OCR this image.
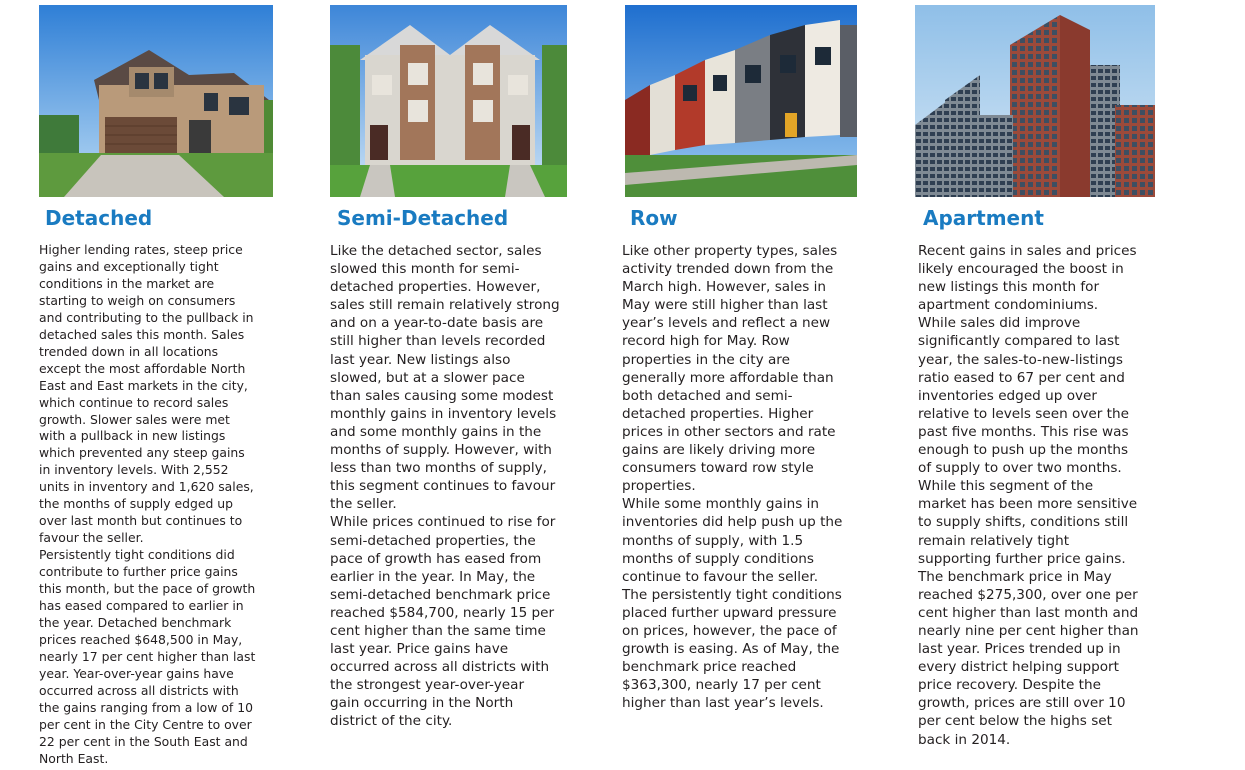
Detached
Higher lending rates, steep price
gains and exceptionally tight
conditions in the market are
starting to weigh on consumers
and contributing to the pullback in
detached sales this month. Sales
trended down in all locations
except the most affordable North
East and East markets in the city,
which continue to record sales
growth. Slower sales were met
with a pullback in new listings
which prevented any steep gains
in inventory levels. With 2,552
units in inventory and 1,620 sales,
the months of supply edged up
over last month but continues to
favour the seller.
Persistently tight conditions did
contribute to further price gains
this month, but the pace of growth
has eased compared to earlier in
the year. Detached benchmark
prices reached $648,500 in May,
nearly 17 per cent higher than last
year. Year-over-year gains have
occurred across all districts with
the gains ranging from a low of 10
per cent in the City Centre to over
22 per cent in the South East and
North East.
Semi-Detached
Like the detached sector, sales
slowed this month for semi-
detached properties. However,
sales still remain relatively strong
and on a year-to-date basis are
still higher than levels recorded
last year. New listings also
slowed, but at a slower pace
than sales causing some modest
monthly gains in inventory levels
and some monthly gains in the
months of supply. However, with
less than two months of supply,
this segment continues to favour
the seller.
While prices continued to rise for
semi-detached properties, the
pace of growth has eased from
earlier in the year. In May, the
semi-detached benchmark price
reached $584,700, nearly 15 per
cent higher than the same time
last year. Price gains have
occurred across all districts with
the strongest year-over-year
gain occurring in the North
district of the city.
Row
Like other property types, sales
activity trended down from the
March high. However, sales in
May were still higher than last
year’s levels and reflect a new
record high for May. Row
properties in the city are
generally more affordable than
both detached and semi-
detached properties. Higher
prices in other sectors and rate
gains are likely driving more
consumers toward row style
properties.
While some monthly gains in
inventories did help push up the
months of supply, with 1.5
months of supply conditions
continue to favour the seller.
The persistently tight conditions
placed further upward pressure
on prices, however, the pace of
growth is easing. As of May, the
benchmark price reached
$363,300, nearly 17 per cent
higher than last year’s levels.
Apartment
Recent gains in sales and prices
likely encouraged the boost in
new listings this month for
apartment condominiums.
While sales did improve
significantly compared to last
year, the sales-to-new-listings
ratio eased to 67 per cent and
inventories edged up over
relative to levels seen over the
past five months. This rise was
enough to push up the months
of supply to over two months.
While this segment of the
market has been more sensitive
to supply shifts, conditions still
remain relatively tight
supporting further price gains.
The benchmark price in May
reached $275,300, over one per
cent higher than last month and
nearly nine per cent higher than
last year. Prices trended up in
every district helping support
price recovery. Despite the
growth, prices are still over 10
per cent below the highs set
back in 2014.
